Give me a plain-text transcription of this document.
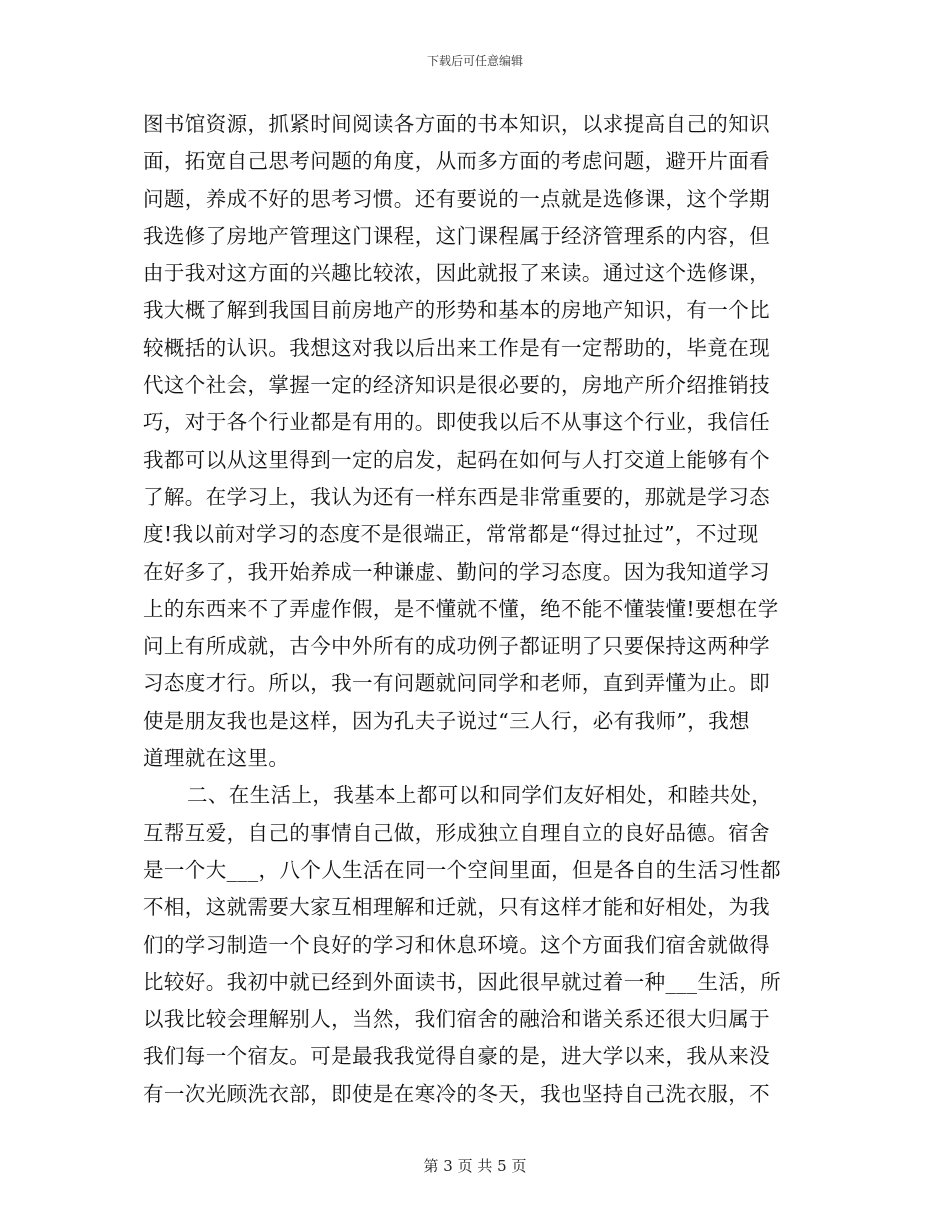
下载后可任意编辑
图书馆资源，抓紧时间阅读各方面的书本知识，以求提高自己的知识
面，拓宽自己思考问题的角度，从而多方面的考虑问题，避开片面看
问题，养成不好的思考习惯。还有要说的一点就是选修课，这个学期
我选修了房地产管理这门课程，这门课程属于经济管理系的内容，但
由于我对这方面的兴趣比较浓，因此就报了来读。通过这个选修课，
我大概了解到我国目前房地产的形势和基本的房地产知识，有一个比
较概括的认识。我想这对我以后出来工作是有一定帮助的，毕竟在现
代这个社会，掌握一定的经济知识是很必要的，房地产所介绍推销技
巧，对于各个行业都是有用的。即使我以后不从事这个行业，我信任
我都可以从这里得到一定的启发，起码在如何与人打交道上能够有个
了解。在学习上，我认为还有一样东西是非常重要的，那就是学习态
度!我以前对学习的态度不是很端正，常常都是“得过扯过”，不过现
在好多了，我开始养成一种谦虚、勤问的学习态度。因为我知道学习
上的东西来不了弄虚作假，是不懂就不懂，绝不能不懂装懂!要想在学
问上有所成就，古今中外所有的成功例子都证明了只要保持这两种学
习态度才行。所以，我一有问题就问同学和老师，直到弄懂为止。即
使是朋友我也是这样，因为孔夫子说过“三人行，必有我师”，我想
道理就在这里。
二、在生活上，我基本上都可以和同学们友好相处，和睦共处，
互帮互爱，自己的事情自己做，形成独立自理自立的良好品德。宿舍
是一个大___，八个人生活在同一个空间里面，但是各自的生活习性都
不相，这就需要大家互相理解和迁就，只有这样才能和好相处，为我
们的学习制造一个良好的学习和休息环境。这个方面我们宿舍就做得
比较好。我初中就已经到外面读书，因此很早就过着一种___生活，所
以我比较会理解别人，当然，我们宿舍的融洽和谐关系还很大归属于
我们每一个宿友。可是最我我觉得自豪的是，进大学以来，我从来没
有一次光顾洗衣部，即使是在寒冷的冬天，我也坚持自己洗衣服，不
第 3 页 共 5 页
